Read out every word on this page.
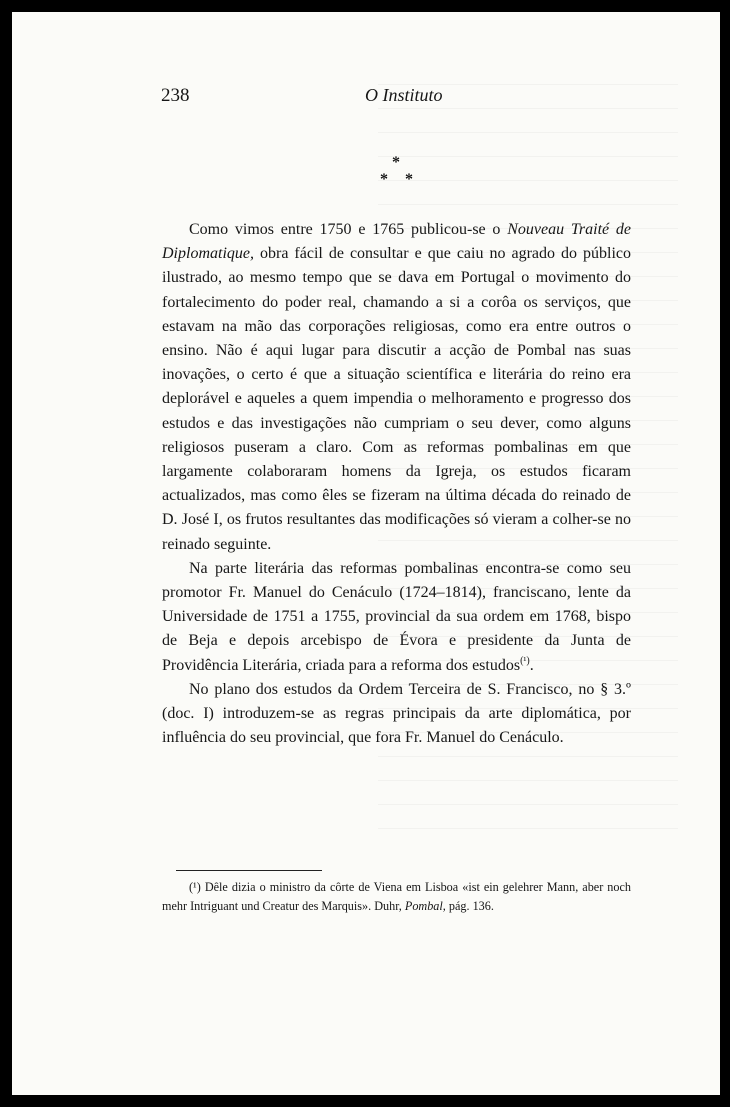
238	O Instituto
*
* *

Como vimos entre 1750 e 1765 publicou-se o Nouveau Traité de Diplomatique, obra fácil de consultar e que caiu no agrado do público ilustrado, ao mesmo tempo que se dava em Portugal o movimento do fortalecimento do poder real, chamando a si a corôa os serviços, que estavam na mão das corporações religiosas, como era entre outros o ensino. Não é aqui lugar para discutir a acção de Pombal nas suas inovações, o certo é que a situação scientífica e literária do reino era deplorável e aqueles a quem impendia o melhoramento e progresso dos estudos e das investigações não cumpriam o seu dever, como alguns religiosos puseram a claro. Com as reformas pombalinas em que largamente colaboraram homens da Igreja, os estudos ficaram actualizados, mas como êles se fizeram na última década do reinado de D. José I, os frutos resultantes das modificações só vieram a colher-se no reinado seguinte.

Na parte literária das reformas pombalinas encontra-se como seu promotor Fr. Manuel do Cenáculo (1724–1814), franciscano, lente da Universidade de 1751 a 1755, provincial da sua ordem em 1768, bispo de Beja e depois arcebispo de Évora e presidente da Junta de Providência Literária, criada para a reforma dos estudos$^{(^1)}$.

No plano dos estudos da Ordem Terceira de S. Francisco, no § 3.º (doc. I) introduzem-se as regras principais da arte diplomática, por influência do seu provincial, que fora Fr. Manuel do Cenáculo.

(¹) Dêle dizia o ministro da côrte de Viena em Lisboa «ist ein gelehrer Mann, aber noch mehr Intriguant und Creatur des Marquis». Duhr, Pombal, pág. 136.
